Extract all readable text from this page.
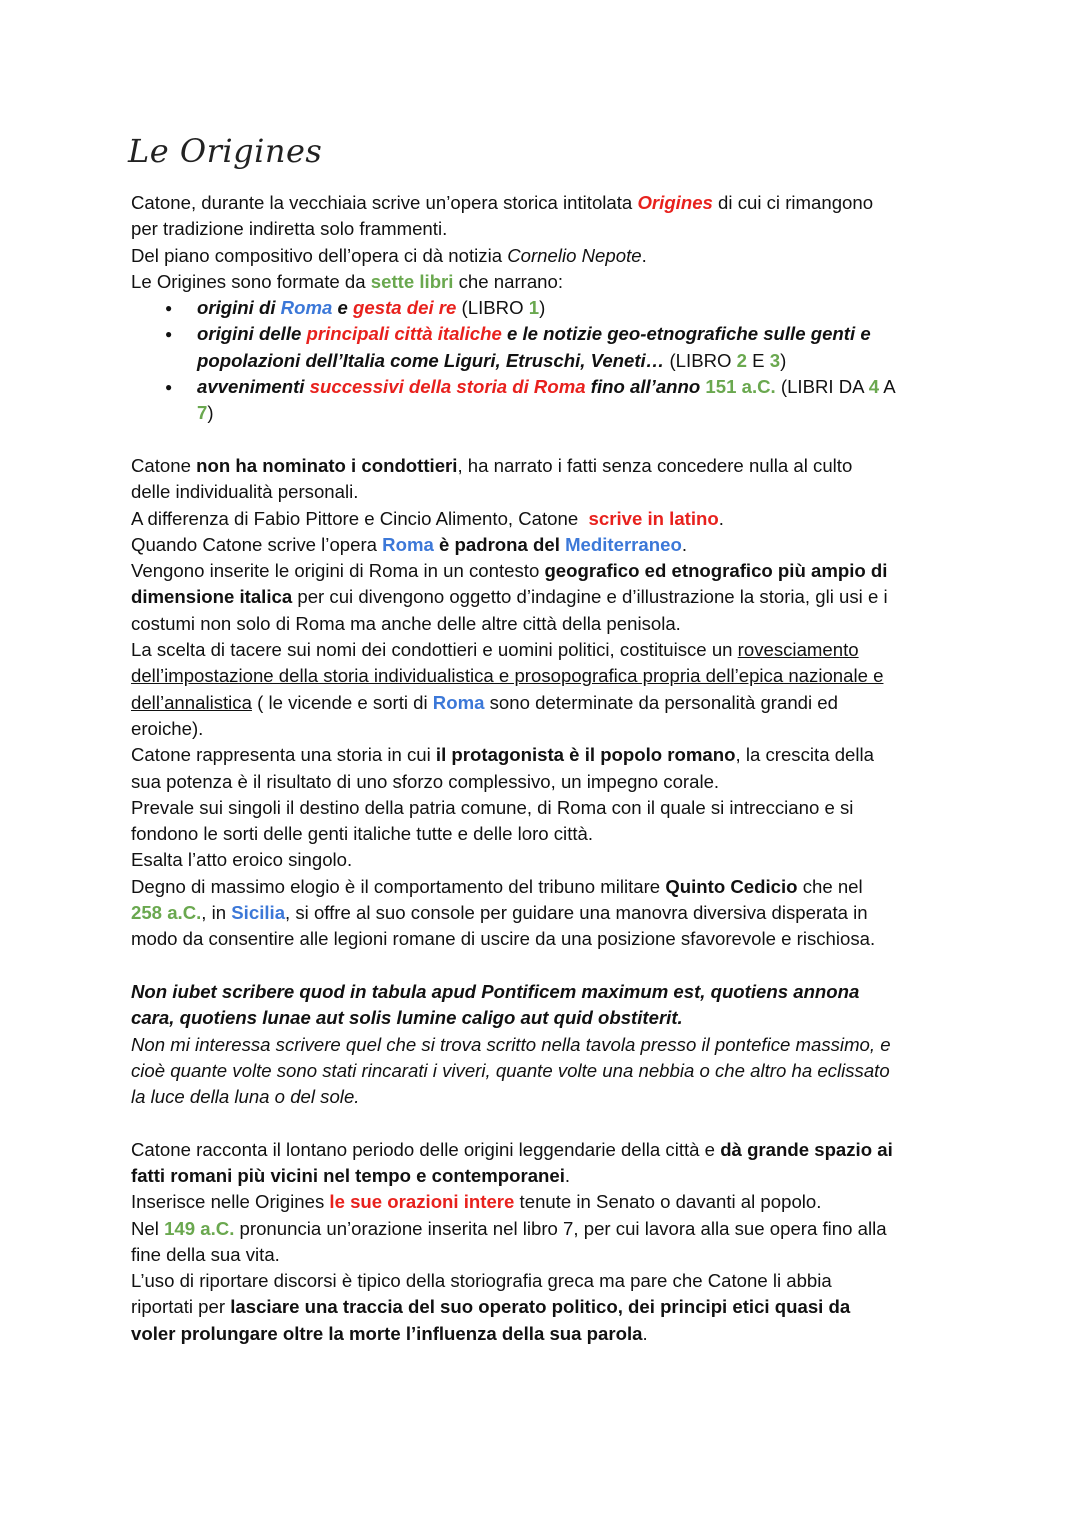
Le Origines

Catone, durante la vecchiaia scrive un’opera storica intitolata Origines di cui ci rimangono
per tradizione indiretta solo frammenti.
Del piano compositivo dell’opera ci dà notizia Cornelio Nepote.
Le Origines sono formate da sette libri che narrano:

● origini di Roma e gesta dei re (LIBRO 1)
● origini delle principali città italiche e le notizie geo-etnografiche sulle genti e
popolazioni dell’Italia come Liguri, Etruschi, Veneti… (LIBRO 2 E 3)
● avvenimenti successivi della storia di Roma fino all’anno 151 a.C. (LIBRI DA 4 A
7)

Catone non ha nominato i condottieri, ha narrato i fatti senza concedere nulla al culto
delle individualità personali.
A differenza di Fabio Pittore e Cincio Alimento, Catone  scrive in latino.
Quando Catone scrive l’opera Roma è padrona del Mediterraneo.
Vengono inserite le origini di Roma in un contesto geografico ed etnografico più ampio di
dimensione italica per cui divengono oggetto d’indagine e d’illustrazione la storia, gli usi e i
costumi non solo di Roma ma anche delle altre città della penisola.
La scelta di tacere sui nomi dei condottieri e uomini politici, costituisce un rovesciamento
dell’impostazione della storia individualistica e prosopografica propria dell’epica nazionale e
dell’annalistica ( le vicende e sorti di Roma sono determinate da personalità grandi ed
eroiche).
Catone rappresenta una storia in cui il protagonista è il popolo romano, la crescita della
sua potenza è il risultato di uno sforzo complessivo, un impegno corale.
Prevale sui singoli il destino della patria comune, di Roma con il quale si intrecciano e si
fondono le sorti delle genti italiche tutte e delle loro città.
Esalta l’atto eroico singolo.
Degno di massimo elogio è il comportamento del tribuno militare Quinto Cedicio che nel
258 a.C., in Sicilia, si offre al suo console per guidare una manovra diversiva disperata in
modo da consentire alle legioni romane di uscire da una posizione sfavorevole e rischiosa.

Non iubet scribere quod in tabula apud Pontificem maximum est, quotiens annona
cara, quotiens lunae aut solis lumine caligo aut quid obstiterit.
Non mi interessa scrivere quel che si trova scritto nella tavola presso il pontefice massimo, e
cioè quante volte sono stati rincarati i viveri, quante volte una nebbia o che altro ha eclissato
la luce della luna o del sole.

Catone racconta il lontano periodo delle origini leggendarie della città e dà grande spazio ai
fatti romani più vicini nel tempo e contemporanei.
Inserisce nelle Origines le sue orazioni intere tenute in Senato o davanti al popolo.
Nel 149 a.C. pronuncia un’orazione inserita nel libro 7, per cui lavora alla sue opera fino alla
fine della sua vita.
L’uso di riportare discorsi è tipico della storiografia greca ma pare che Catone li abbia
riportati per lasciare una traccia del suo operato politico, dei principi etici quasi da
voler prolungare oltre la morte l’influenza della sua parola.
